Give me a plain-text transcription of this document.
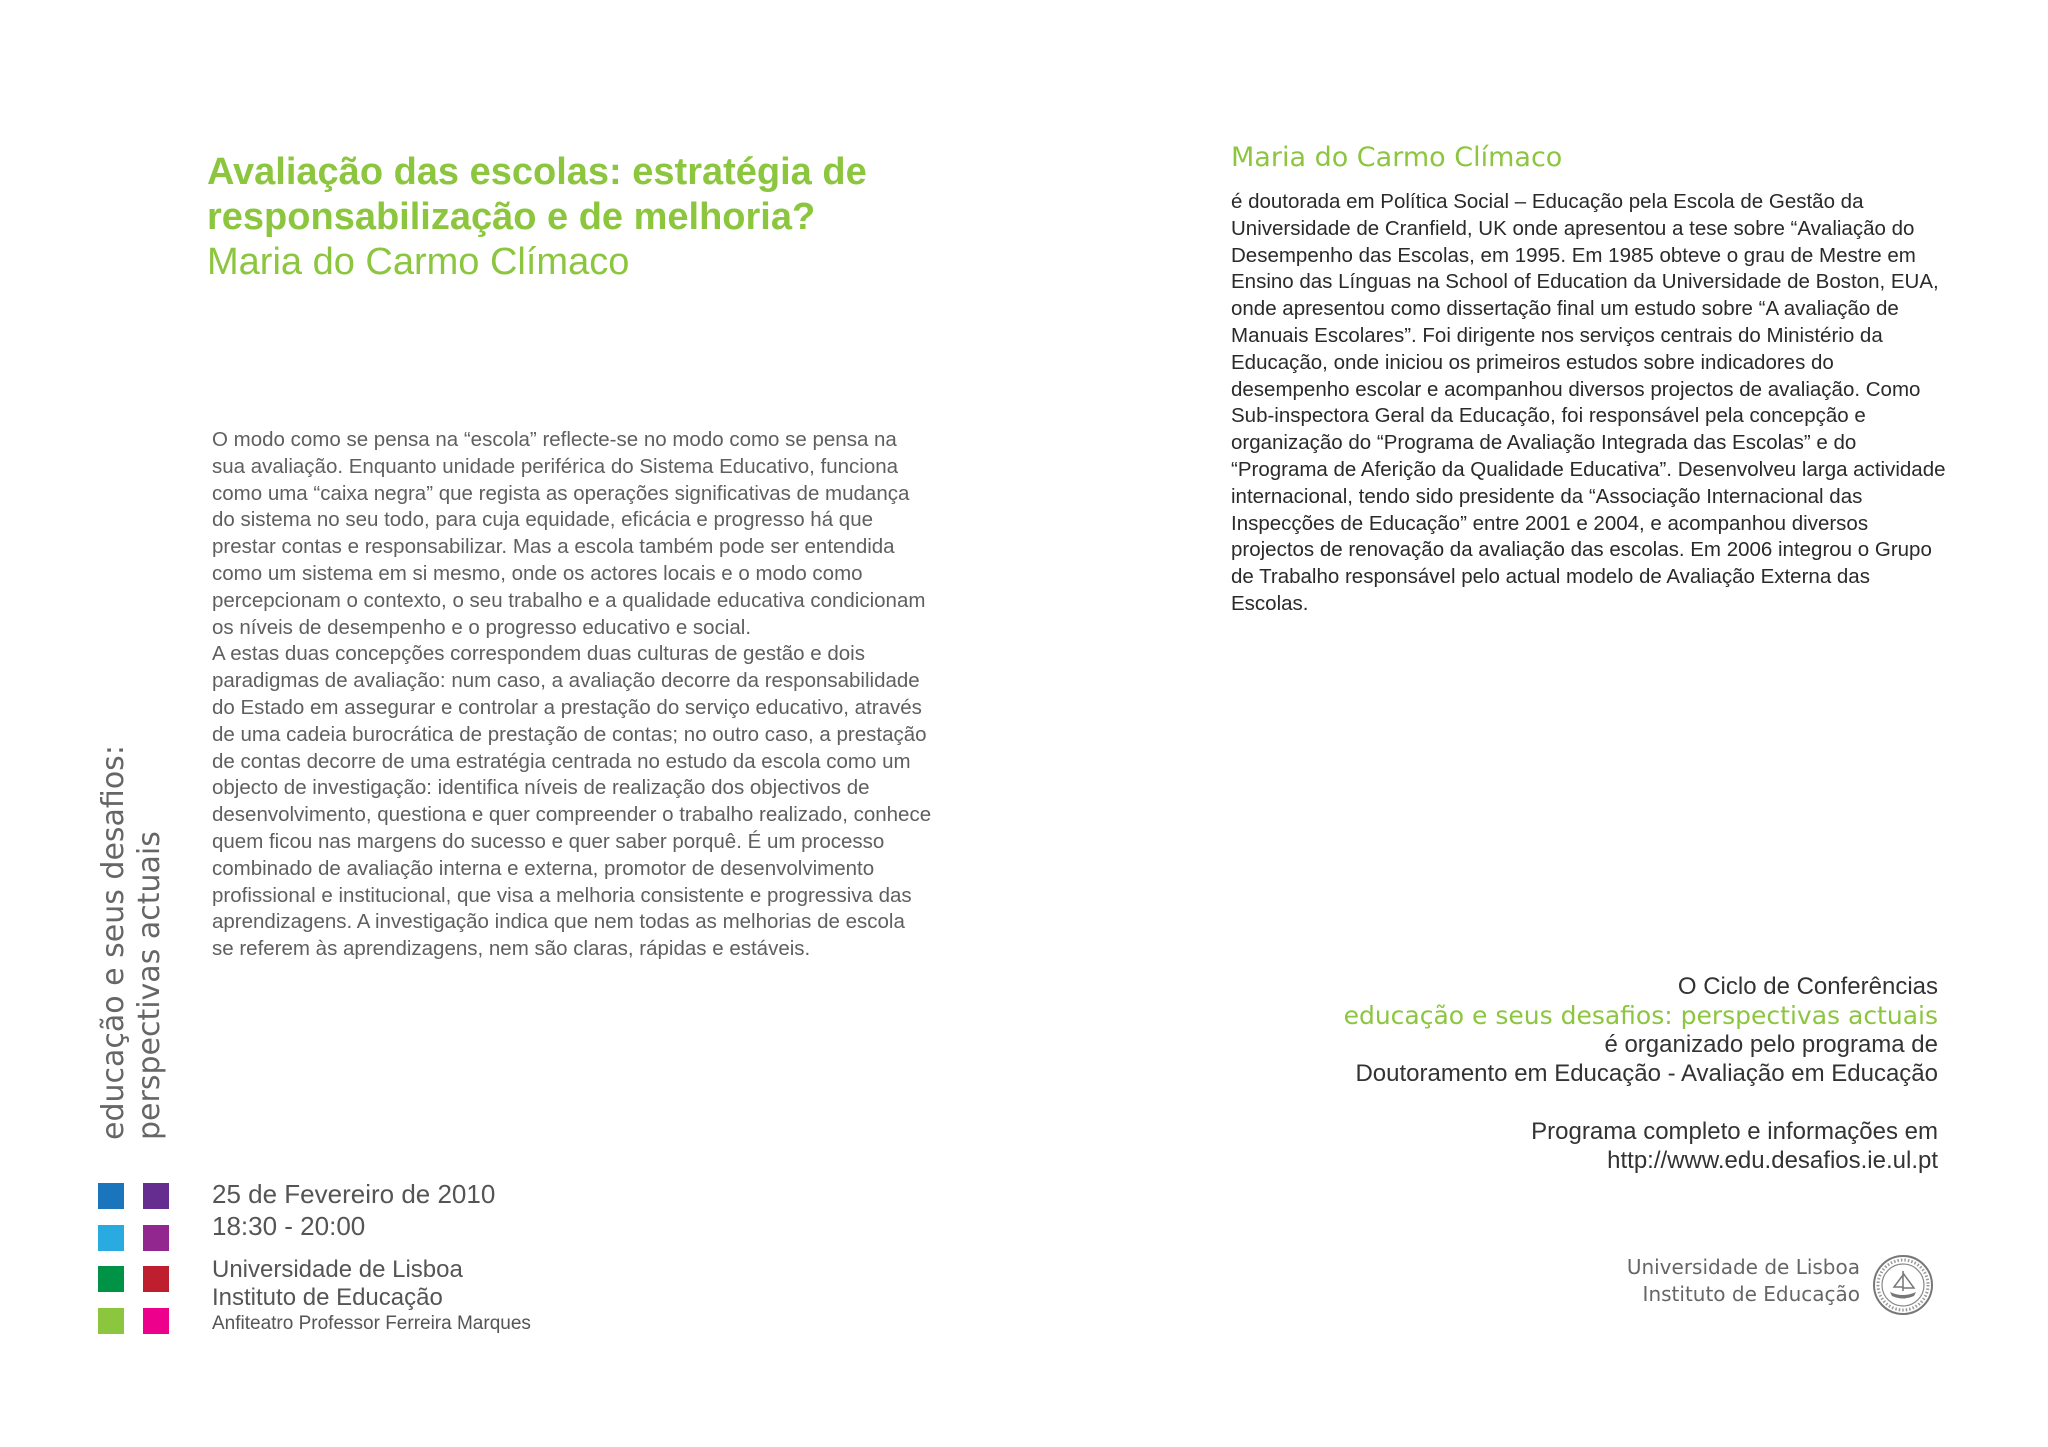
Avaliação das escolas: estratégia de responsabilização e de melhoria?
Maria do Carmo Clímaco

O modo como se pensa na “escola” reflecte-se no modo como se pensa na sua avaliação. Enquanto unidade periférica do Sistema Educativo, funciona como uma “caixa negra” que regista as operações significativas de mudança do sistema no seu todo, para cuja equidade, eficácia e progresso há que prestar contas e responsabilizar. Mas a escola também pode ser entendida como um sistema em si mesmo, onde os actores locais e o modo como percepcionam o contexto, o seu trabalho e a qualidade educativa condicionam os níveis de desempenho e o progresso educativo e social.

A estas duas concepções correspondem duas culturas de gestão e dois paradigmas de avaliação: num caso, a avaliação decorre da responsabilidade do Estado em assegurar e controlar a prestação do serviço educativo, através de uma cadeia burocrática de prestação de contas; no outro caso, a prestação de contas decorre de uma estratégia centrada no estudo da escola como um objecto de investigação: identifica níveis de realização dos objectivos de desenvolvimento, questiona e quer compreender o trabalho realizado, conhece quem ficou nas margens do sucesso e quer saber porquê. É um processo combinado de avaliação interna e externa, promotor de desenvolvimento profissional e institucional, que visa a melhoria consistente e progressiva das aprendizagens. A investigação indica que nem todas as melhorias de escola se referem às aprendizagens, nem são claras, rápidas e estáveis.

educação e seus desafios: perspectivas actuais
25 de Fevereiro de 2010
18:30 - 20:00
Universidade de Lisboa
Instituto de Educação
Anfiteatro Professor Ferreira Marques
Maria do Carmo Clímaco
é doutorada em Política Social – Educação pela Escola de Gestão da Universidade de Cranfield, UK onde apresentou a tese sobre “Avaliação do Desempenho das Escolas, em 1995. Em 1985 obteve o grau de Mestre em Ensino das Línguas na School of Education da Universidade de Boston, EUA, onde apresentou como dissertação final um estudo sobre “A avaliação de Manuais Escolares”. Foi dirigente nos serviços centrais do Ministério da Educação, onde iniciou os primeiros estudos sobre indicadores do desempenho escolar e acompanhou diversos projectos de avaliação. Como Sub-inspectora Geral da Educação, foi responsável pela concepção e organização do “Programa de Avaliação Integrada das Escolas” e do “Programa de Aferição da Qualidade Educativa”. Desenvolveu larga actividade internacional, tendo sido presidente da “Associação Internacional das Inspecções de Educação” entre 2001 e 2004, e acompanhou diversos projectos de renovação da avaliação das escolas. Em 2006 integrou o Grupo de Trabalho responsável pelo actual modelo de Avaliação Externa das Escolas.
O Ciclo de Conferências
educação e seus desafios: perspectivas actuais
é organizado pelo programa de
Doutoramento em Educação - Avaliação em Educação
Programa completo e informações em
http://www.edu.desafios.ie.ul.pt
Universidade de Lisboa
Instituto de Educação
